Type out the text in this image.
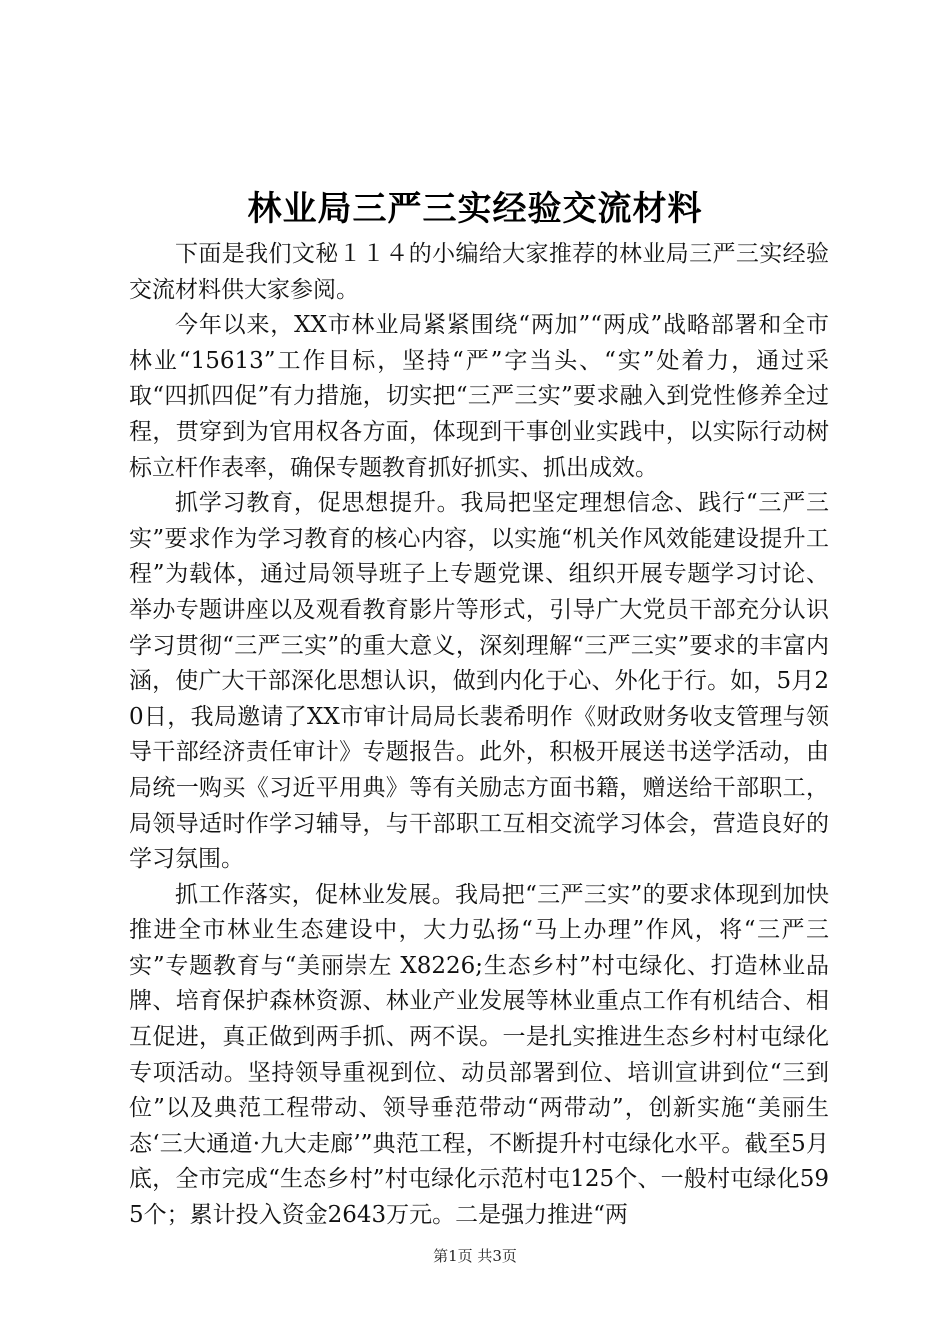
林业局三严三实经验交流材料

下面是我们文秘１１４的小编给大家推荐的林业局三严三实经验交流材料供大家参阅。

今年以来，XX市林业局紧紧围绕“两加”“两成”战略部署和全市林业“15613”工作目标，坚持“严”字当头、“实”处着力，通过采取“四抓四促”有力措施，切实把“三严三实”要求融入到党性修养全过程，贯穿到为官用权各方面，体现到干事创业实践中，以实际行动树标立杆作表率，确保专题教育抓好抓实、抓出成效。

抓学习教育，促思想提升。我局把坚定理想信念、践行“三严三实”要求作为学习教育的核心内容，以实施“机关作风效能建设提升工程”为载体，通过局领导班子上专题党课、组织开展专题学习讨论、举办专题讲座以及观看教育影片等形式，引导广大党员干部充分认识学习贯彻“三严三实”的重大意义，深刻理解“三严三实”要求的丰富内涵，使广大干部深化思想认识，做到内化于心、外化于行。如，5月20日，我局邀请了XX市审计局局长裴希明作《财政财务收支管理与领导干部经济责任审计》专题报告。此外，积极开展送书送学活动，由局统一购买《习近平用典》等有关励志方面书籍，赠送给干部职工，局领导适时作学习辅导，与干部职工互相交流学习体会，营造良好的学习氛围。

抓工作落实，促林业发展。我局把“三严三实”的要求体现到加快推进全市林业生态建设中，大力弘扬“马上办理”作风，将“三严三实”专题教育与“美丽崇左 X8226;生态乡村”村屯绿化、打造林业品牌、培育保护森林资源、林业产业发展等林业重点工作有机结合、相互促进，真正做到两手抓、两不误。一是扎实推进生态乡村村屯绿化专项活动。坚持领导重视到位、动员部署到位、培训宣讲到位“三到位”以及典范工程带动、领导垂范带动“两带动”，创新实施“美丽生态‘三大通道·九大走廊’”典范工程，不断提升村屯绿化水平。截至5月底，全市完成“生态乡村”村屯绿化示范村屯125个、一般村屯绿化595个；累计投入资金2643万元。二是强力推进“两

第1页 共3页
